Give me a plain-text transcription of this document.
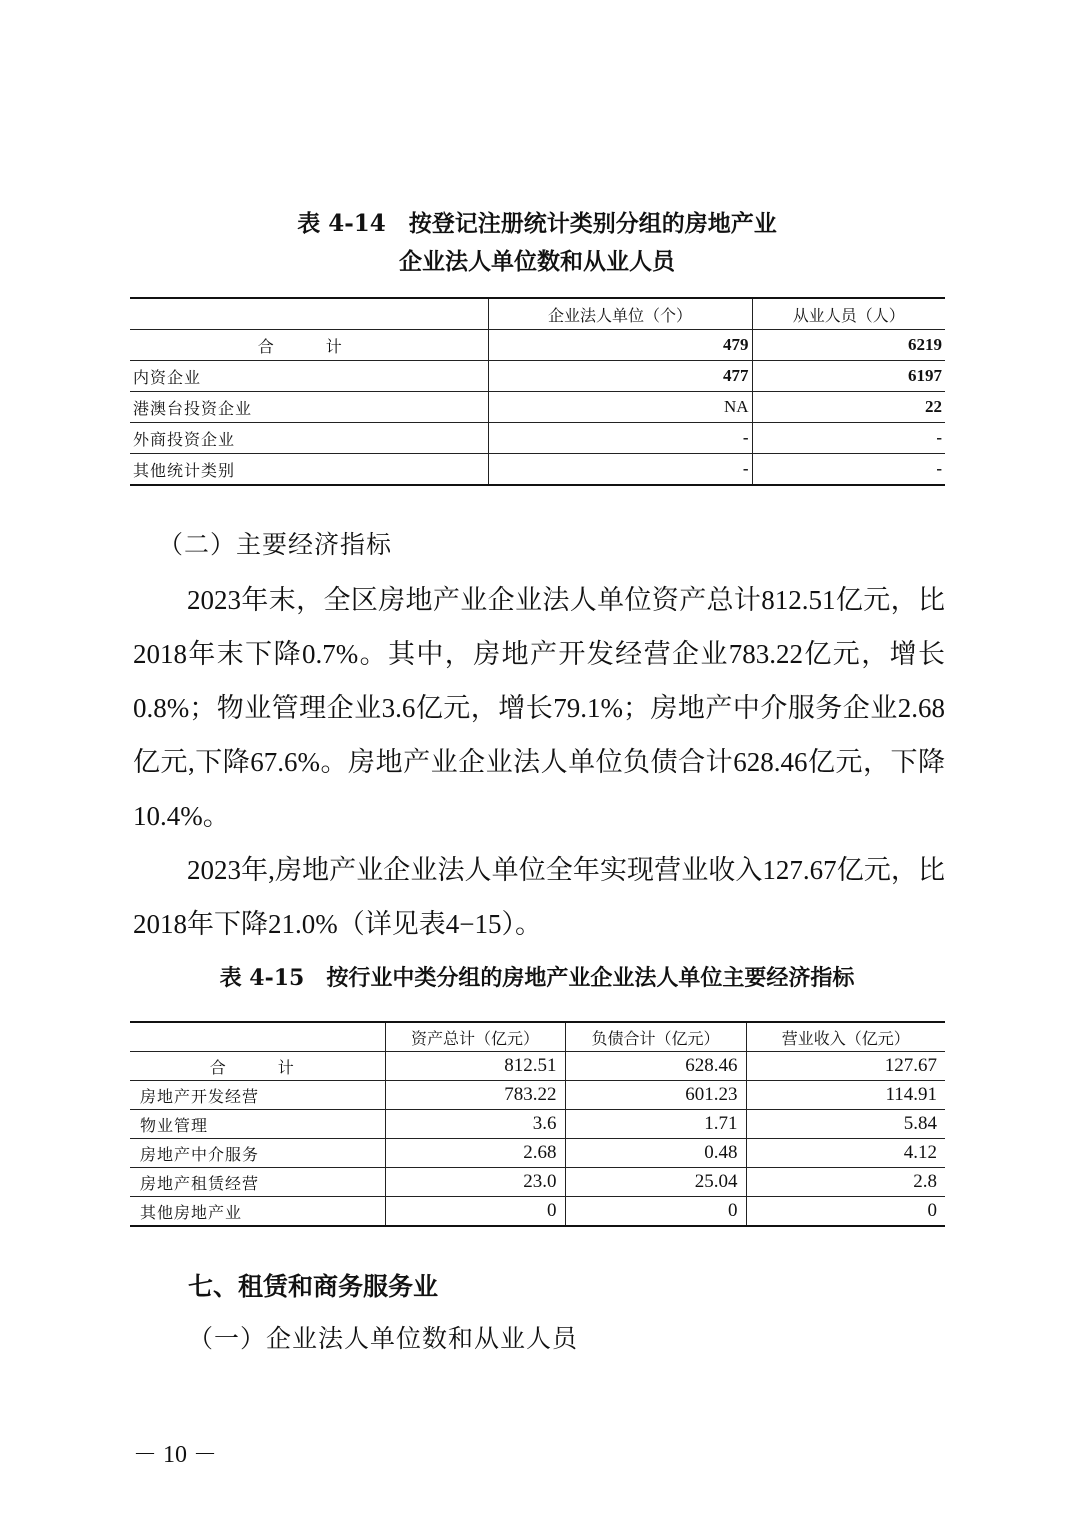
表 4-14　按登记注册统计类别分组的房地产业
企业法人单位数和从业人员
	企业法人单位（个）	从业人员（人）
合　计	479	6219
内资企业	477	6197
港澳台投资企业	NA	22
外商投资企业	-	-
其他统计类别	-	-
（二）主要经济指标

2023年末，全区房地产业企业法人单位资产总计812.51亿元，比2018年末下降0.7%。其中，房地产开发经营企业783.22亿元，增长0.8%；物业管理企业3.6亿元，增长79.1%；房地产中介服务企业2.68亿元,下降67.6%。房地产业企业法人单位负债合计628.46亿元，下降10.4%。

2023年,房地产业企业法人单位全年实现营业收入127.67亿元，比2018年下降21.0%（详见表4−15）。

表 4-15　按行业中类分组的房地产业企业法人单位主要经济指标
	资产总计（亿元）	负债合计（亿元）	营业收入（亿元）
合　计	812.51	628.46	127.67
房地产开发经营	783.22	601.23	114.91
物业管理	3.6	1.71	5.84
房地产中介服务	2.68	0.48	4.12
房地产租赁经营	23.0	25.04	2.8
其他房地产业	0	0	0
七、租赁和商务服务业
（一）企业法人单位数和从业人员
－ 10 －
